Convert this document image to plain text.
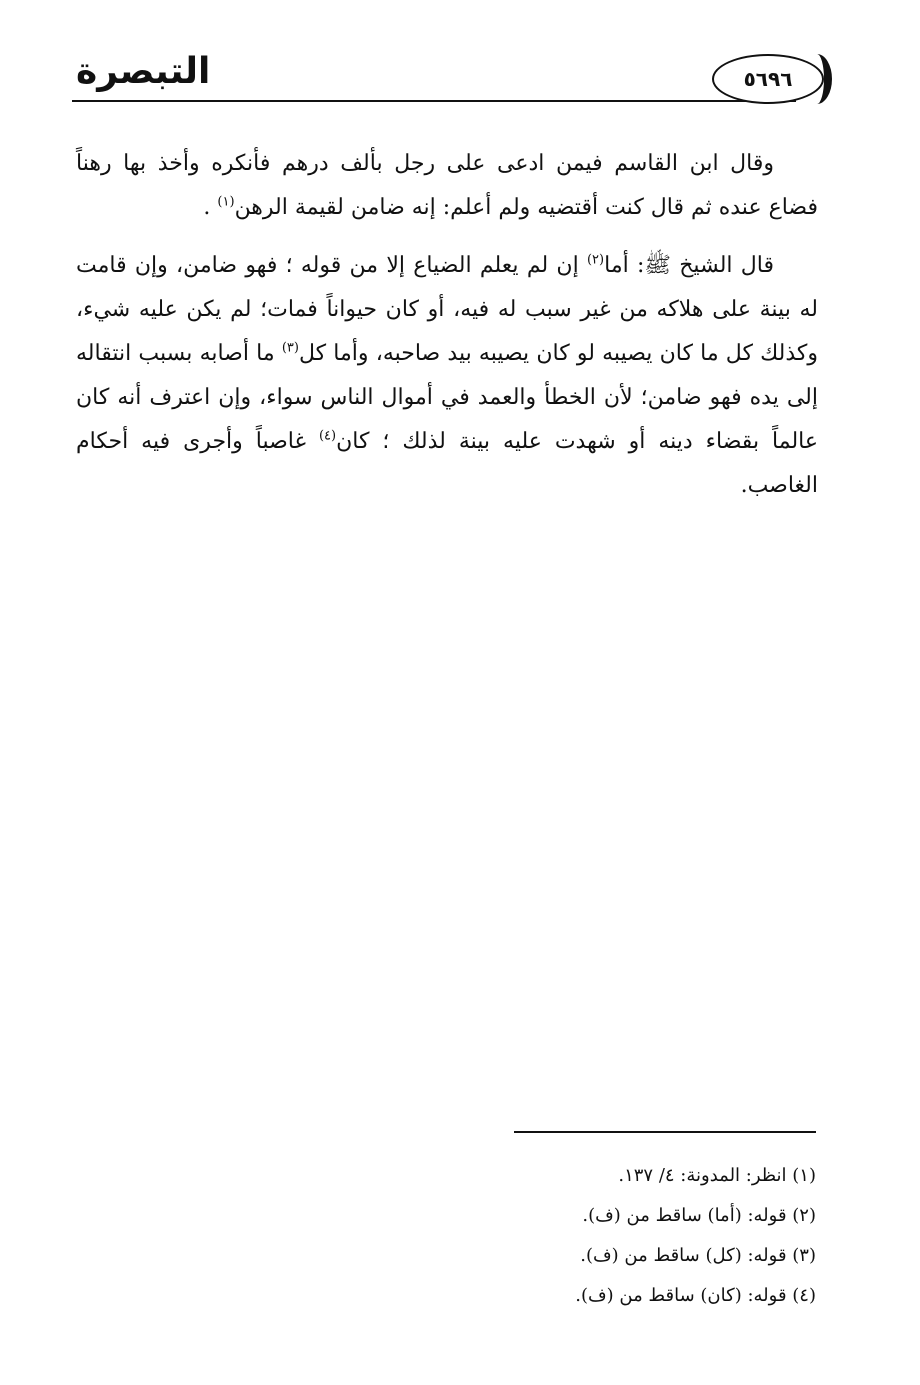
التبصرة	٥٦٩٦

وقال ابن القاسم فيمن ادعى على رجل بألف درهم فأنكره وأخذ بها رهناً فضاع عنده ثم قال كنت أقتضيه ولم أعلم: إنه ضامن لقيمة الرهن$^{(١)}$ .

قال الشيخ ﷺ: أما$^{(٢)}$ إن لم يعلم الضياع إلا من قوله ؛ فهو ضامن، وإن قامت له بينة على هلاكه من غير سبب له فيه، أو كان حيواناً فمات؛ لم يكن عليه شيء، وكذلك كل ما كان يصيبه لو كان يصيبه بيد صاحبه، وأما كل$^{(٣)}$ ما أصابه بسبب انتقاله إلى يده فهو ضامن؛ لأن الخطأ والعمد في أموال الناس سواء، وإن اعترف أنه كان عالماً بقضاء دينه أو شهدت عليه بينة لذلك ؛ كان$^{(٤)}$ غاصباً وأجرى فيه أحكام الغاصب.

(١) انظر: المدونة: ٤/ ١٣٧.

(٢) قوله: (أما) ساقط من (ف).

(٣) قوله: (كل) ساقط من (ف).

(٤) قوله: (كان) ساقط من (ف).
